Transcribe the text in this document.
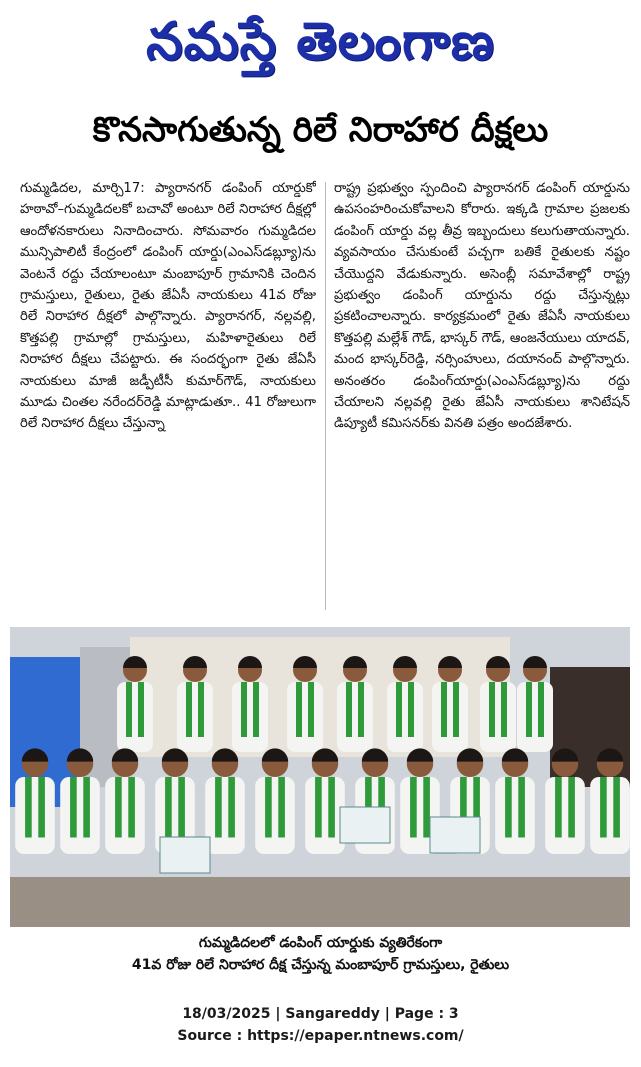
నమస్తే తెలంగాణ
కొనసాగుతున్న రిలే నిరాహార దీక్షలు
గుమ్మడిదల, మార్చి17: ప్యారానగర్ డంపింగ్ యార్డుకో హఠావో–గుమ్మడిదలకో బచావో అంటూ రిలే నిరాహార దీక్షల్లో ఆందోళనకారులు నినాదించారు. సోమవారం గుమ్మడిదల మున్సిపాలిటీ కేంద్రంలో డంపింగ్ యార్డు(ఎంఎస్‌డబ్ల్యూ)ను వెంటనే రద్దు చేయాలంటూ మంబాపూర్ గ్రామానికి చెందిన గ్రామస్తులు, రైతులు, రైతు జేఏసీ నాయకులు 41వ రోజు రిలే నిరాహార దీక్షలో పాల్గొన్నారు. ప్యారానగర్, నల్లవల్లి, కొత్తపల్లి గ్రామాల్లో గ్రామస్తులు, మహిళారైతులు రిలే నిరాహార దీక్షలు చేపట్టారు. ఈ సందర్భంగా రైతు జేఏసీ నాయకులు మాజీ జడ్పీటీసీ కుమార్‌గౌడ్, నాయకులు మూడు చింతల నరేందర్‌రెడ్డి మాట్లాడుతూ.. 41 రోజులుగా రిలే నిరాహార దీక్షలు చేస్తున్నా
రాష్ట్ర ప్రభుత్వం స్పందించి ప్యారానగర్ డంపింగ్ యార్డును ఉపసంహరించుకోవాలని కోరారు. ఇక్కడి గ్రామాల ప్రజలకు డంపింగ్ యార్డు వల్ల తీవ్ర ఇబ్బందులు కలుగుతాయన్నారు. వ్యవసాయం చేసుకుంటే పచ్చగా బతికే రైతులకు నష్టం చేయొద్దని వేడుకున్నారు. అసెంబ్లీ సమావేశాల్లో రాష్ట్ర ప్రభుత్వం డంపింగ్ యార్డును రద్దు చేస్తున్నట్లు ప్రకటించాలన్నారు. కార్యక్రమంలో రైతు జేఏసీ నాయకులు కొత్తపల్లి మల్లేశ్ గౌడ్, భాస్కర్ గౌడ్, ఆంజనేయులు యాదవ్, మంద భాస్కర్‌రెడ్డి, నర్సింహులు, దయానంద్ పాల్గొన్నారు. అనంతరం డంపింగ్‌యార్డు(ఎంఎస్‌డబ్ల్యూ)ను రద్దు చేయాలని నల్లవల్లి రైతు జేఏసీ నాయకులు శానిటేషన్ డిప్యూటీ కమిసనర్‌కు వినతి పత్రం అందజేశారు.
గుమ్మడిదలలో డంపింగ్ యార్డుకు వ్యతిరేకంగా
41వ రోజు రిలే నిరాహార దీక్ష చేస్తున్న మంబాపూర్ గ్రామస్తులు, రైతులు
18/03/2025 | Sangareddy | Page : 3
Source : https://epaper.ntnews.com/
